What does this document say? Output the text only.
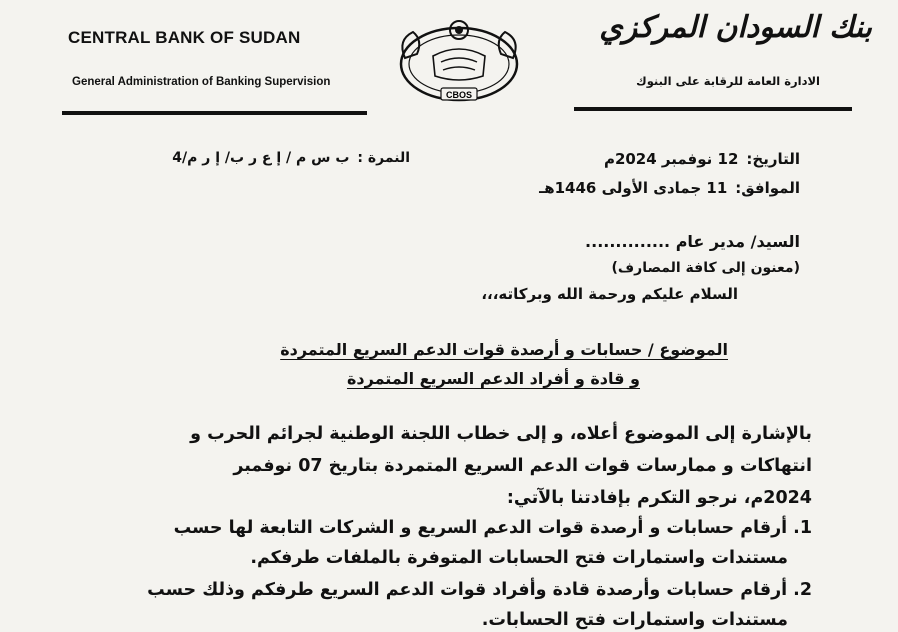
CENTRAL BANK OF SUDAN
General Administration of Banking Supervision
CBOS
بنك السودان المركزي
الادارة العامة للرقابة على البنوك
النمرة :ب س م / إ ع ر ب/ إ ر م/4	التاريخ:12 نوفمبر 2024م
الموافق:11 جمادى الأولى 1446هـ
السيد/ مدير عام ..............
(معنون إلى كافة المصارف)
السلام عليكم ورحمة الله وبركاته،،،
الموضوع / حسابات و أرصدة قوات الدعم السريع المتمردة
و قادة و أفراد الدعم السريع المتمردة
بالإشارة إلى الموضوع أعلاه، و إلى خطاب اللجنة الوطنية لجرائم الحرب و
انتهاكات و ممارسات قوات الدعم السريع المتمردة بتاريخ 07 نوفمبر
2024م، نرجو التكرم بإفادتنا بالآتي:
1.أرقام حسابات و أرصدة قوات الدعم السريع و الشركات التابعة لها حسب
مستندات واستمارات فتح الحسابات المتوفرة بالملفات طرفكم.
2.أرقام حسابات وأرصدة قادة وأفراد قوات الدعم السريع طرفكم وذلك حسب
مستندات واستمارات فتح الحسابات.
